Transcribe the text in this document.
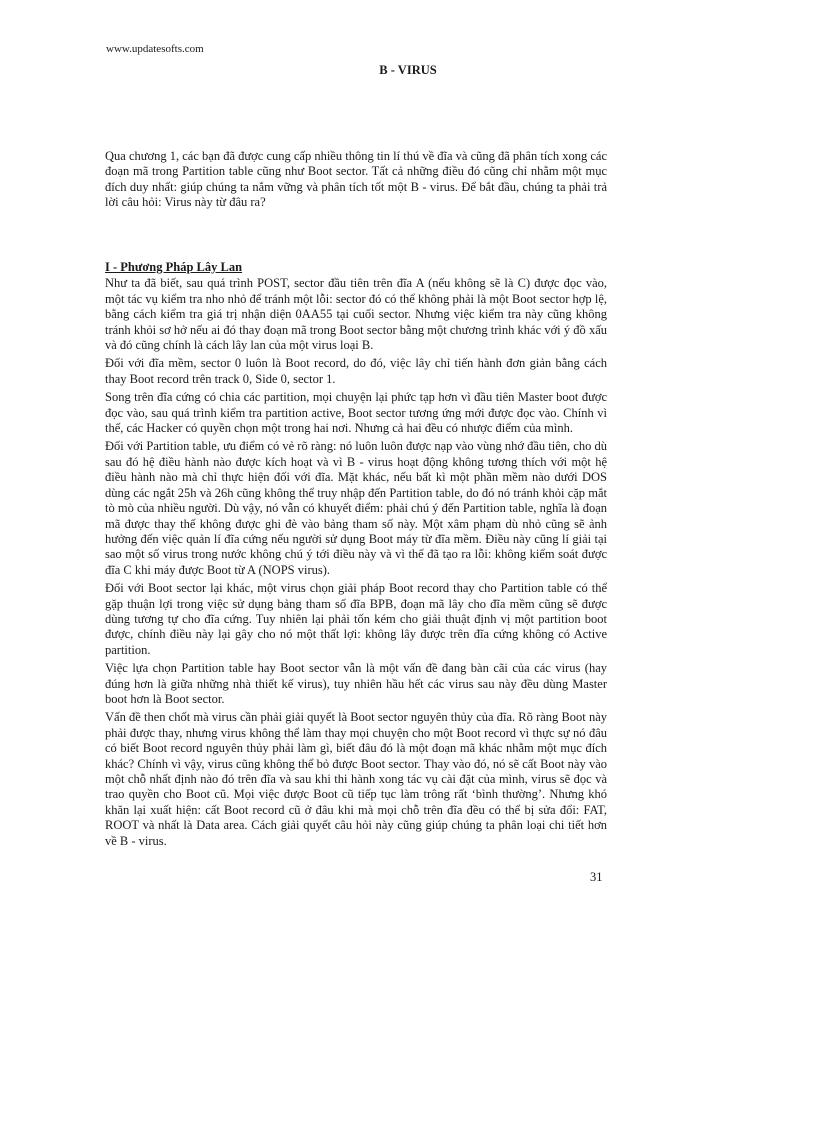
www.updatesofts.com
B - VIRUS

Qua chương 1, các bạn đã được cung cấp nhiều thông tin lí thú về đĩa và cũng đã phân tích xong các đoạn mã trong Partition table cũng như Boot sector. Tất cả những điều đó cũng chỉ nhằm một mục đích duy nhất: giúp chúng ta nắm vững và phân tích tốt một B - virus. Để bắt đầu, chúng ta phải trả lời câu hỏi: Virus này từ đâu ra?

I - Phương Pháp Lây Lan

Như ta đã biết, sau quá trình POST, sector đầu tiên trên đĩa A (nếu không sẽ là C) được đọc vào, một tác vụ kiểm tra nho nhỏ để tránh một lỗi: sector đó có thể không phải là một Boot sector hợp lệ, bằng cách kiểm tra giá trị nhận diện 0AA55 tại cuối sector. Nhưng việc kiểm tra này cũng không tránh khỏi sơ hở nếu ai đó thay đoạn mã trong Boot sector bằng một chương trình khác với ý đồ xấu và đó cũng chính là cách lây lan của một virus loại B.

Đối với đĩa mềm, sector 0 luôn là Boot record, do đó, việc lây chỉ tiến hành đơn giản bằng cách thay Boot record trên track 0, Side 0, sector 1.

Song trên đĩa cứng có chia các partition, mọi chuyện lại phức tạp hơn vì đầu tiên Master boot được đọc vào, sau quá trình kiểm tra partition active, Boot sector tương ứng mới được đọc vào. Chính vì thế, các Hacker có quyền chọn một trong hai nơi. Nhưng cả hai đều có nhược điểm của mình.

Đối với Partition table, ưu điểm có vẻ rõ ràng: nó luôn luôn được nạp vào vùng nhớ đầu tiên, cho dù sau đó hệ điều hành nào được kích hoạt và vì B - virus hoạt động không tương thích với một hệ điều hành nào mà chỉ thực hiện đối với đĩa. Mặt khác, nếu bất kì một phần mềm nào dưới DOS dùng các ngắt 25h và 26h cũng không thể truy nhập đến Partition table, do đó nó tránh khỏi cặp mắt tò mò của nhiều người. Dù vậy, nó vẫn có khuyết điểm: phải chú ý đến Partition table, nghĩa là đoạn mã được thay thế không được ghi đè vào bảng tham số này. Một xâm phạm dù nhỏ cũng sẽ ảnh hưởng đến việc quản lí đĩa cứng nếu người sử dụng Boot máy từ đĩa mềm. Điều này cũng lí giải tại sao một số virus trong nước không chú ý tới điều này và vì thế đã tạo ra lỗi: không kiểm soát được đĩa C khi máy được Boot từ A (NOPS virus).

Đối với Boot sector lại khác, một virus chọn giải pháp Boot record thay cho Partition table có thể gặp thuận lợi trong việc sử dụng bảng tham số đĩa BPB, đoạn mã lây cho đĩa mềm cũng sẽ được dùng tương tự cho đĩa cứng. Tuy nhiên lại phải tốn kém cho giải thuật định vị một partition boot được, chính điều này lại gây cho nó một thất lợi: không lây được trên đĩa cứng không có Active partition.

Việc lựa chọn Partition table hay Boot sector vẫn là một vấn đề đang bàn cãi của các virus (hay đúng hơn là giữa những nhà thiết kế virus), tuy nhiên hầu hết các virus sau này đều dùng Master boot hơn là Boot sector.

Vấn đề then chốt mà virus cần phải giải quyết là Boot sector nguyên thủy của đĩa. Rõ ràng Boot này phải được thay, nhưng virus không thể làm thay mọi chuyện cho một Boot record vì thực sự nó đâu có biết Boot record nguyên thủy phải làm gì, biết đâu đó là một đoạn mã khác nhằm một mục đích khác? Chính vì vậy, virus cũng không thể bỏ được Boot sector. Thay vào đó, nó sẽ cất Boot này vào một chỗ nhất định nào đó trên đĩa và sau khi thi hành xong tác vụ cài đặt của mình, virus sẽ đọc và trao quyền cho Boot cũ. Mọi việc được Boot cũ tiếp tục làm trông rất ‘bình thường’. Nhưng khó khăn lại xuất hiện: cất Boot record cũ ở đâu khi mà mọi chỗ trên đĩa đều có thể bị sửa đổi: FAT, ROOT và nhất là Data area. Cách giải quyết câu hỏi này cũng giúp chúng ta phân loại chi tiết hơn về B - virus.

31
